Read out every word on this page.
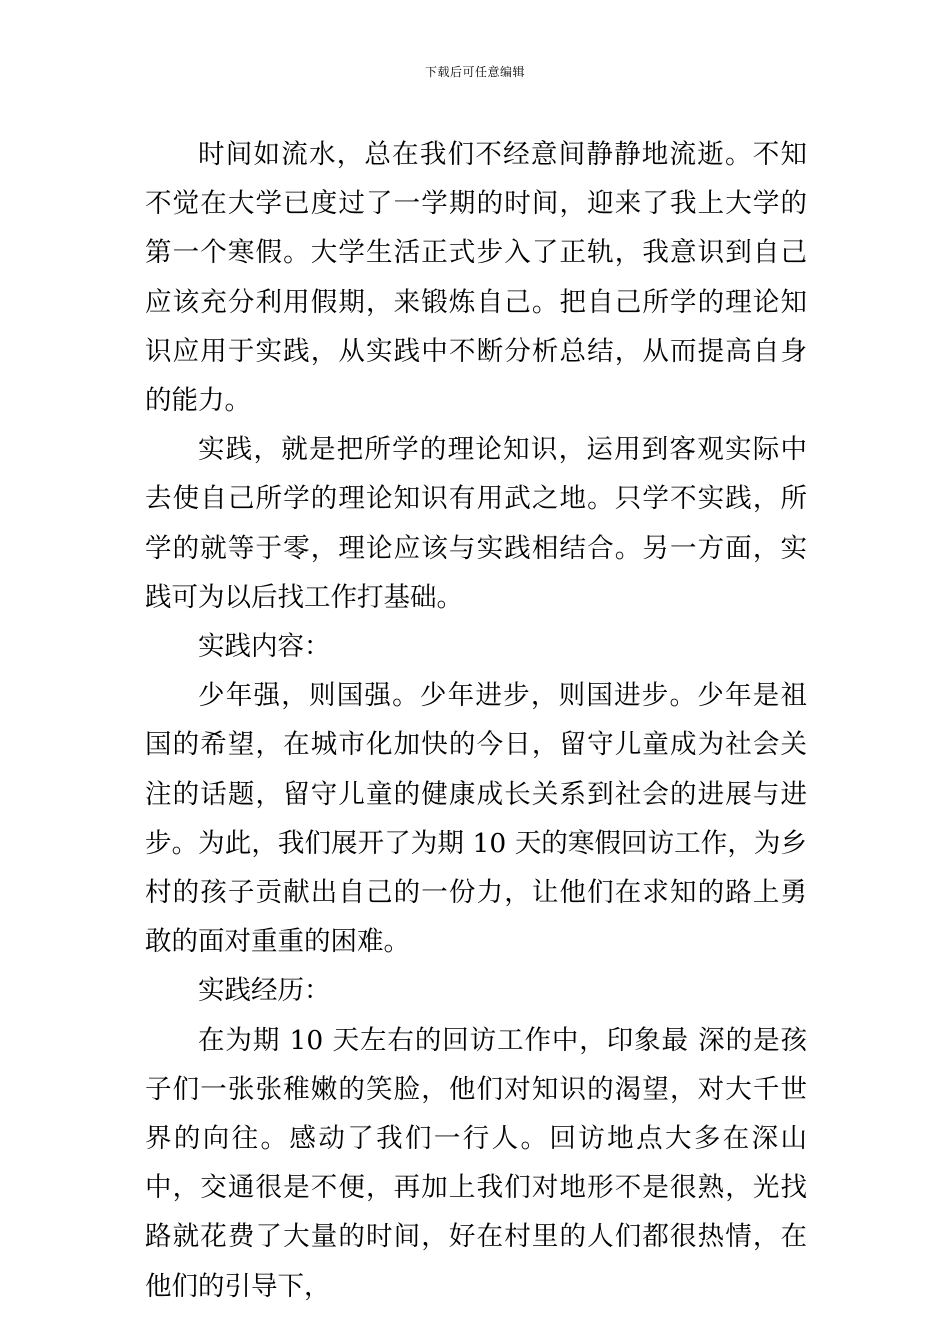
下载后可任意编辑

时间如流水，总在我们不经意间静静地流逝。不知不觉在大学已度过了一学期的时间，迎来了我上大学的第一个寒假。大学生活正式步入了正轨，我意识到自己应该充分利用假期，来锻炼自己。把自己所学的理论知识应用于实践，从实践中不断分析总结，从而提高自身的能力。

实践，就是把所学的理论知识，运用到客观实际中去使自己所学的理论知识有用武之地。只学不实践，所学的就等于零，理论应该与实践相结合。另一方面，实践可为以后找工作打基础。

实践内容：

少年强，则国强。少年进步，则国进步。少年是祖国的希望，在城市化加快的今日，留守儿童成为社会关注的话题，留守儿童的健康成长关系到社会的进展与进步。为此，我们展开了为期 10 天的寒假回访工作，为乡村的孩子贡献出自己的一份力，让他们在求知的路上勇敢的面对重重的困难。

实践经历：

在为期 10 天左右的回访工作中，印象最 深的是孩子们一张张稚嫩的笑脸，他们对知识的渴望，对大千世界的向往。感动了我们一行人。回访地点大多在深山中，交通很是不便，再加上我们对地形不是很熟，光找路就花费了大量的时间，好在村里的人们都很热情，在他们的引导下，
